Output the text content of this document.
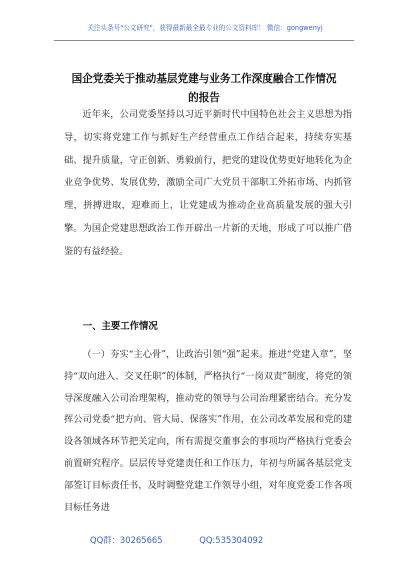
关注头条号"公文研究"，获得最新最全最专业的公文资料库！ 微信：gongwenyj
国企党委关于推动基层党建与业务工作深度融合工作情况
的报告

近年来，公司党委坚持以习近平新时代中国特色社会主义思想为指导，切实将党建工作与抓好生产经营重点工作结合起来，持续夯实基础、提升质量，守正创新、勇毅前行，把党的建设优势更好地转化为企业竞争优势、发展优势，激励全司广大党员干部职工外拓市场、内抓管理，拼搏进取，迎难而上，让党建成为推动企业高质量发展的强大引擎。为国企党建思想政治工作开辟出一片新的天地，形成了可以推广借鉴的有益经验。

一、主要工作情况

（一）夯实“主心骨”，让政治引领“强”起来。推进“党建入章”，坚持“双向进入、交叉任职”的体制，严格执行“一岗双责”制度，将党的领导深度融入公司治理架构，推动党的领导与公司治理紧密结合。充分发挥公司党委“把方向、管大局、保落实”作用，在公司改革发展和党的建设各领域各环节把关定向，所有需提交董事会的事项均严格执行党委会前置研究程序。层层传导党建责任和工作压力，年初与所属各基层党支部签订目标责任书，及时调整党建工作领导小组，对年度党委工作各项目标任务进

QQ群：30265665	QQ:535304092
